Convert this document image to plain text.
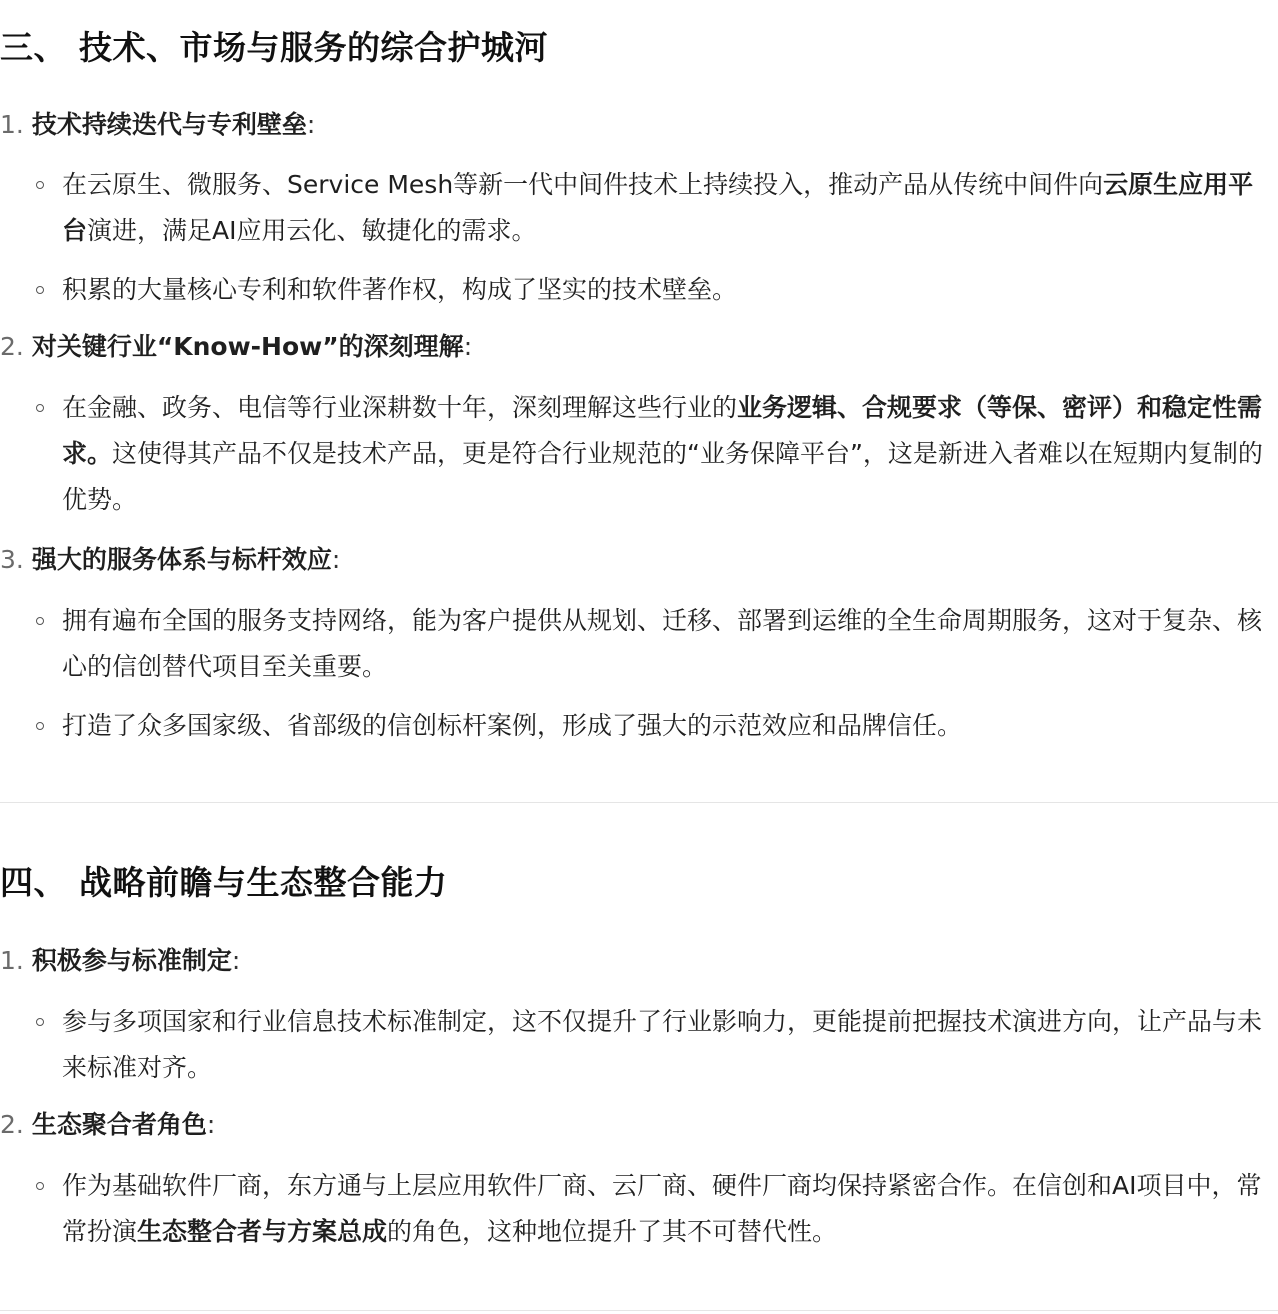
三、 技术、市场与服务的综合护城河

1. 技术持续迭代与专利壁垒:

在云原生、微服务、Service Mesh等新一代中间件技术上持续投入，推动产品从传统中间件向云原生应用平台演进，满足AI应用云化、敏捷化的需求。
积累的大量核心专利和软件著作权，构成了坚实的技术壁垒。

2. 对关键行业“Know-How”的深刻理解:

在金融、政务、电信等行业深耕数十年，深刻理解这些行业的业务逻辑、合规要求（等保、密评）和稳定性需求。这使得其产品不仅是技术产品，更是符合行业规范的“业务保障平台”，这是新进入者难以在短期内复制的优势。

3. 强大的服务体系与标杆效应:

拥有遍布全国的服务支持网络，能为客户提供从规划、迁移、部署到运维的全生命周期服务，这对于复杂、核心的信创替代项目至关重要。
打造了众多国家级、省部级的信创标杆案例，形成了强大的示范效应和品牌信任。
四、 战略前瞻与生态整合能力

1. 积极参与标准制定:

参与多项国家和行业信息技术标准制定，这不仅提升了行业影响力，更能提前把握技术演进方向，让产品与未来标准对齐。

2. 生态聚合者角色:

作为基础软件厂商，东方通与上层应用软件厂商、云厂商、硬件厂商均保持紧密合作。在信创和AI项目中，常常扮演生态整合者与方案总成的角色，这种地位提升了其不可替代性。
